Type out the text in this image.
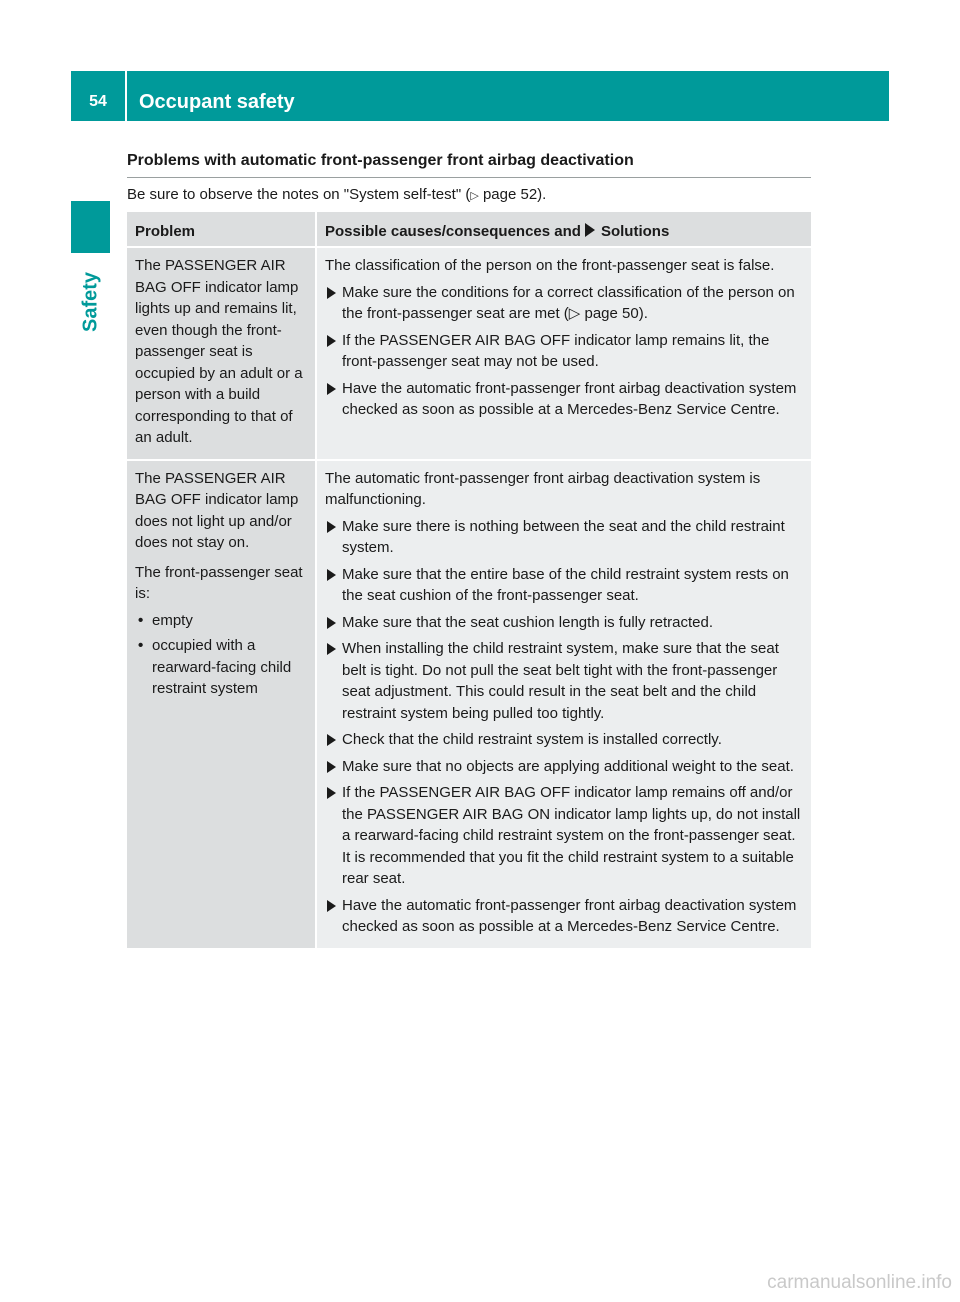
54	Occupant safety
Safety
Problems with automatic front-passenger front airbag deactivation
Be sure to observe the notes on "System self-test" (▷ page 52).
Problem	Possible causes/consequences and Solutions
The PASSENGER AIR BAG OFF indicator lamp lights up and remains lit, even though the front-passenger seat is occupied by an adult or a person with a build corresponding to that of an adult.
The classification of the person on the front-passenger seat is false.
Make sure the conditions for a correct classification of the person on the front-passenger seat are met (▷ page 50).
If the PASSENGER AIR BAG OFF indicator lamp remains lit, the front-passenger seat may not be used.
Have the automatic front-passenger front airbag deactivation system checked as soon as possible at a Mercedes-Benz Service Centre.
The PASSENGER AIR BAG OFF indicator lamp does not light up and/or does not stay on.
The front-passenger seat is:
• empty
• occupied with a rearward-facing child restraint system
The automatic front-passenger front airbag deactivation system is malfunctioning.
Make sure there is nothing between the seat and the child restraint system.
Make sure that the entire base of the child restraint system rests on the seat cushion of the front-passenger seat.
Make sure that the seat cushion length is fully retracted.
When installing the child restraint system, make sure that the seat belt is tight. Do not pull the seat belt tight with the front-passenger seat adjustment. This could result in the seat belt and the child restraint system being pulled too tightly.
Check that the child restraint system is installed correctly.
Make sure that no objects are applying additional weight to the seat.
If the PASSENGER AIR BAG OFF indicator lamp remains off and/or the PASSENGER AIR BAG ON indicator lamp lights up, do not install a rearward-facing child restraint system on the front-passenger seat. It is recommended that you fit the child restraint system to a suitable rear seat.
Have the automatic front-passenger front airbag deactivation system checked as soon as possible at a Mercedes-Benz Service Centre.
carmanualsonline.info
